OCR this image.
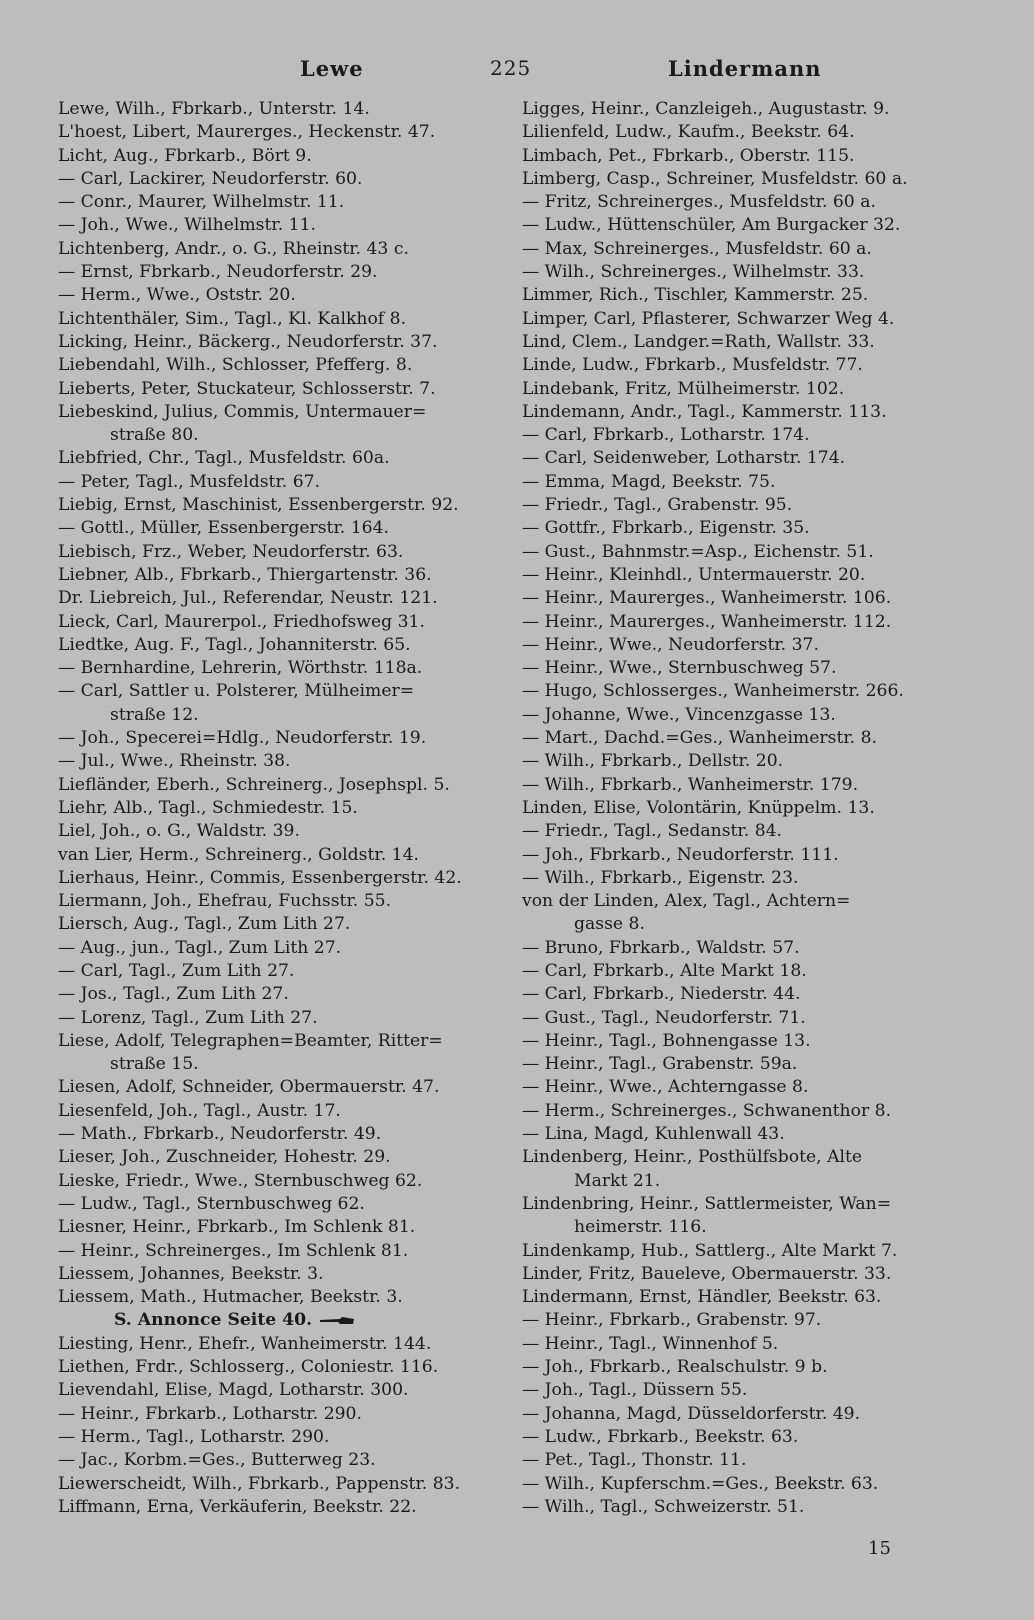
Lewe	225	Lindermann
Lewe, Wilh., Fbrkarb., Unterstr. 14.
L'hoest, Libert, Maurerges., Heckenstr. 47.
Licht, Aug., Fbrkarb., Bört 9.
— Carl, Lackirer, Neudorferstr. 60.
— Conr., Maurer, Wilhelmstr. 11.
— Joh., Wwe., Wilhelmstr. 11.
Lichtenberg, Andr., o. G., Rheinstr. 43 c.
— Ernst, Fbrkarb., Neudorferstr. 29.
— Herm., Wwe., Oststr. 20.
Lichtenthäler, Sim., Tagl., Kl. Kalkhof 8.
Licking, Heinr., Bäckerg., Neudorferstr. 37.
Liebendahl, Wilh., Schlosser, Pfefferg. 8.
Lieberts, Peter, Stuckateur, Schlosserstr. 7.
Liebeskind, Julius, Commis, Untermauer=
straße 80.
Liebfried, Chr., Tagl., Musfeldstr. 60a.
— Peter, Tagl., Musfeldstr. 67.
Liebig, Ernst, Maschinist, Essenbergerstr. 92.
— Gottl., Müller, Essenbergerstr. 164.
Liebisch, Frz., Weber, Neudorferstr. 63.
Liebner, Alb., Fbrkarb., Thiergartenstr. 36.
Dr. Liebreich, Jul., Referendar, Neustr. 121.
Lieck, Carl, Maurerpol., Friedhofsweg 31.
Liedtke, Aug. F., Tagl., Johanniterstr. 65.
— Bernhardine, Lehrerin, Wörthstr. 118a.
— Carl, Sattler u. Polsterer, Mülheimer=
straße 12.
— Joh., Specerei=Hdlg., Neudorferstr. 19.
— Jul., Wwe., Rheinstr. 38.
Liefländer, Eberh., Schreinerg., Josephspl. 5.
Liehr, Alb., Tagl., Schmiedestr. 15.
Liel, Joh., o. G., Waldstr. 39.
van Lier, Herm., Schreinerg., Goldstr. 14.
Lierhaus, Heinr., Commis, Essenbergerstr. 42.
Liermann, Joh., Ehefrau, Fuchsstr. 55.
Liersch, Aug., Tagl., Zum Lith 27.
— Aug., jun., Tagl., Zum Lith 27.
— Carl, Tagl., Zum Lith 27.
— Jos., Tagl., Zum Lith 27.
— Lorenz, Tagl., Zum Lith 27.
Liese, Adolf, Telegraphen=Beamter, Ritter=
straße 15.
Liesen, Adolf, Schneider, Obermauerstr. 47.
Liesenfeld, Joh., Tagl., Austr. 17.
— Math., Fbrkarb., Neudorferstr. 49.
Lieser, Joh., Zuschneider, Hohestr. 29.
Lieske, Friedr., Wwe., Sternbuschweg 62.
— Ludw., Tagl., Sternbuschweg 62.
Liesner, Heinr., Fbrkarb., Im Schlenk 81.
— Heinr., Schreinerges., Im Schlenk 81.
Liessem, Johannes, Beekstr. 3.
Liessem, Math., Hutmacher, Beekstr. 3.
S. Annonce Seite 40.
Liesting, Henr., Ehefr., Wanheimerstr. 144.
Liethen, Frdr., Schlosserg., Coloniestr. 116.
Lievendahl, Elise, Magd, Lotharstr. 300.
— Heinr., Fbrkarb., Lotharstr. 290.
— Herm., Tagl., Lotharstr. 290.
— Jac., Korbm.=Ges., Butterweg 23.
Liewerscheidt, Wilh., Fbrkarb., Pappenstr. 83.
Liffmann, Erna, Verkäuferin, Beekstr. 22.
Ligges, Heinr., Canzleigeh., Augustastr. 9.
Lilienfeld, Ludw., Kaufm., Beekstr. 64.
Limbach, Pet., Fbrkarb., Oberstr. 115.
Limberg, Casp., Schreiner, Musfeldstr. 60 a.
— Fritz, Schreinerges., Musfeldstr. 60 a.
— Ludw., Hüttenschüler, Am Burgacker 32.
— Max, Schreinerges., Musfeldstr. 60 a.
— Wilh., Schreinerges., Wilhelmstr. 33.
Limmer, Rich., Tischler, Kammerstr. 25.
Limper, Carl, Pflasterer, Schwarzer Weg 4.
Lind, Clem., Landger.=Rath, Wallstr. 33.
Linde, Ludw., Fbrkarb., Musfeldstr. 77.
Lindebank, Fritz, Mülheimerstr. 102.
Lindemann, Andr., Tagl., Kammerstr. 113.
— Carl, Fbrkarb., Lotharstr. 174.
— Carl, Seidenweber, Lotharstr. 174.
— Emma, Magd, Beekstr. 75.
— Friedr., Tagl., Grabenstr. 95.
— Gottfr., Fbrkarb., Eigenstr. 35.
— Gust., Bahnmstr.=Asp., Eichenstr. 51.
— Heinr., Kleinhdl., Untermauerstr. 20.
— Heinr., Maurerges., Wanheimerstr. 106.
— Heinr., Maurerges., Wanheimerstr. 112.
— Heinr., Wwe., Neudorferstr. 37.
— Heinr., Wwe., Sternbuschweg 57.
— Hugo, Schlosserges., Wanheimerstr. 266.
— Johanne, Wwe., Vincenzgasse 13.
— Mart., Dachd.=Ges., Wanheimerstr. 8.
— Wilh., Fbrkarb., Dellstr. 20.
— Wilh., Fbrkarb., Wanheimerstr. 179.
Linden, Elise, Volontärin, Knüppelm. 13.
— Friedr., Tagl., Sedanstr. 84.
— Joh., Fbrkarb., Neudorferstr. 111.
— Wilh., Fbrkarb., Eigenstr. 23.
von der Linden, Alex, Tagl., Achtern=
gasse 8.
— Bruno, Fbrkarb., Waldstr. 57.
— Carl, Fbrkarb., Alte Markt 18.
— Carl, Fbrkarb., Niederstr. 44.
— Gust., Tagl., Neudorferstr. 71.
— Heinr., Tagl., Bohnengasse 13.
— Heinr., Tagl., Grabenstr. 59a.
— Heinr., Wwe., Achterngasse 8.
— Herm., Schreinerges., Schwanenthor 8.
— Lina, Magd, Kuhlenwall 43.
Lindenberg, Heinr., Posthülfsbote, Alte
Markt 21.
Lindenbring, Heinr., Sattlermeister, Wan=
heimerstr. 116.
Lindenkamp, Hub., Sattlerg., Alte Markt 7.
Linder, Fritz, Baueleve, Obermauerstr. 33.
Lindermann, Ernst, Händler, Beekstr. 63.
— Heinr., Fbrkarb., Grabenstr. 97.
— Heinr., Tagl., Winnenhof 5.
— Joh., Fbrkarb., Realschulstr. 9 b.
— Joh., Tagl., Düssern 55.
— Johanna, Magd, Düsseldorferstr. 49.
— Ludw., Fbrkarb., Beekstr. 63.
— Pet., Tagl., Thonstr. 11.
— Wilh., Kupferschm.=Ges., Beekstr. 63.
— Wilh., Tagl., Schweizerstr. 51.
15
